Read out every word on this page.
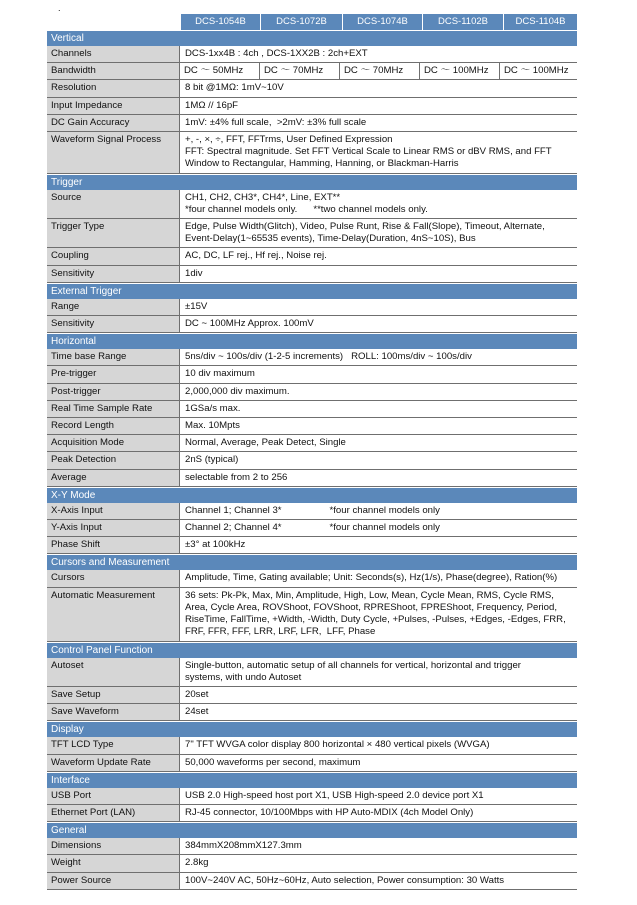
.
DCS-1054B	DCS-1072B	DCS-1074B	DCS-1102B	DCS-1104B
Vertical
Channels	DCS-1xx4B : 4ch , DCS-1XX2B : 2ch+EXT
Bandwidth	DC ～ 50MHz	DC ～ 70MHz	DC ～ 70MHz	DC ～ 100MHz	DC ～ 100MHz
Resolution	8 bit @1MΩ: 1mV~10V
Input Impedance	1MΩ // 16pF
DC Gain Accuracy	1mV: ±4% full scale,  >2mV: ±3% full scale
Waveform Signal Process	+, -, ×, ÷, FFT, FFTrms, User Defined Expression
FFT: Spectral magnitude. Set FFT Vertical Scale to Linear RMS or dBV RMS, and FFT
Window to Rectangular, Hamming, Hanning, or Blackman-Harris
Trigger
Source	CH1, CH2, CH3*, CH4*, Line, EXT**
*four channel models only.      **two channel models only.
Trigger Type	Edge, Pulse Width(Glitch), Video, Pulse Runt, Rise & Fall(Slope), Timeout, Alternate,
Event-Delay(1~65535 events), Time-Delay(Duration, 4nS~10S), Bus
Coupling	AC, DC, LF rej., Hf rej., Noise rej.
Sensitivity	1div
External Trigger
Range	±15V
Sensitivity	DC ~ 100MHz Approx. 100mV
Horizontal
Time base Range	5ns/div ~ 100s/div (1-2-5 increments)   ROLL: 100ms/div ~ 100s/div
Pre-trigger	10 div maximum
Post-trigger	2,000,000 div maximum.
Real Time Sample Rate	1GSa/s max.
Record Length	Max. 10Mpts
Acquisition Mode	Normal, Average, Peak Detect, Single
Peak Detection	2nS (typical)
Average	selectable from 2 to 256
X-Y Mode
X-Axis Input	Channel 1; Channel 3*                  *four channel models only
Y-Axis Input	Channel 2; Channel 4*                  *four channel models only
Phase Shift	±3° at 100kHz
Cursors and Measurement
Cursors	Amplitude, Time, Gating available; Unit: Seconds(s), Hz(1/s), Phase(degree), Ration(%)
Automatic Measurement	36 sets: Pk-Pk, Max, Min, Amplitude, High, Low, Mean, Cycle Mean, RMS, Cycle RMS,
Area, Cycle Area, ROVShoot, FOVShoot, RPREShoot, FPREShoot, Frequency, Period,
RiseTime, FallTime, +Width, -Width, Duty Cycle, +Pulses, -Pulses, +Edges, -Edges, FRR,
FRF, FFR, FFF, LRR, LRF, LFR,  LFF, Phase
Control Panel Function
Autoset	Single-button, automatic setup of all channels for vertical, horizontal and trigger
systems, with undo Autoset
Save Setup	20set
Save Waveform	24set
Display
TFT LCD Type	7" TFT WVGA color display 800 horizontal × 480 vertical pixels (WVGA)
Waveform Update Rate	50,000 waveforms per second, maximum
Interface
USB Port	USB 2.0 High-speed host port X1, USB High-speed 2.0 device port X1
Ethernet Port (LAN)	RJ-45 connector, 10/100Mbps with HP Auto-MDIX (4ch Model Only)
General
Dimensions	384mmX208mmX127.3mm
Weight	2.8kg
Power Source	100V~240V AC, 50Hz~60Hz, Auto selection, Power consumption: 30 Watts
